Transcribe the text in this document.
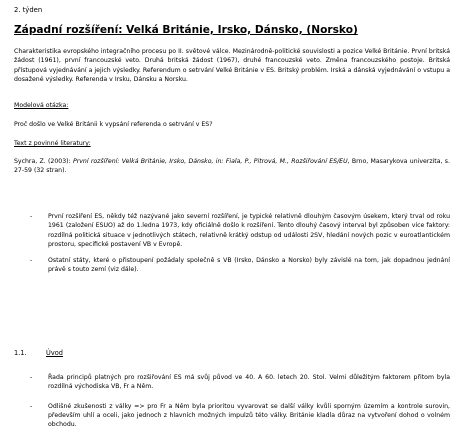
2. týden
Západní rozšíření: Velká Británie, Irsko, Dánsko, (Norsko)

Charakteristika evropského integračního procesu po II. světové válce. Mezinárodně-politické souvislosti a pozice Velké Británie. První britská žádost (1961), první francouzské veto. Druhá britská žádost (1967), druhé francouzské veto. Změna francouzského postoje. Britská přístupová vyjednávání a jejich výsledky. Referendum o setrvání Velké Británie v ES. Britský problém. Irská a dánská vyjednávání o vstupu a dosažené výsledky. Referenda v Irsku, Dánsku a Norsku.

Modelová otázka:

Proč došlo ve Velké Británii k vypsání referenda o setrvání v ES?

Text z povinné literatury:

Sychra, Z. (2003): První rozšíření: Velká Británie, Irsko, Dánsko, in: Fiala, P., Pitrová, M., Rozšiřování ES/EU, Brno, Masarykova univerzita, s. 27-59 (32 stran).

- První rozšíření ES, někdy též nazývané jako severní rozšíření, je typické relativně dlouhým časovým úsekem, který trval od roku 1961 (založení ESUO) až do 1.ledna 1973, kdy oficiálně došlo k rozšíření. Tento dlouhý časový interval byl způsoben více faktory: rozdílná politická situace v jednotlivých státech, relativně krátký odstup od události 2SV, hledání nových pozic v euroatlantickém prostoru, specifické postavení VB v Evropě.
- Ostatní státy, které o přistoupení požádaly společně s VB (Irsko, Dánsko a Norsko) byly závislé na tom, jak dopadnou jednání právě s touto zemí (viz dále).
1.1.	Úvod
- Řada principů platných pro rozšiřování ES má svůj původ ve 40. A 60. letech 20. Stol. Velmi důležitým faktorem přitom byla rozdílná východiska VB, Fr a Něm.
- Odlišné zkušenosti z války => pro Fr a Něm byla prioritou vyvarovat se další války kvůli sporným územím a kontrole surovin, především uhlí a oceli, jako jednoch z hlavních možných impulzů této války. Británie kladla důraz na vytvoření dohod o volném obchodu.
